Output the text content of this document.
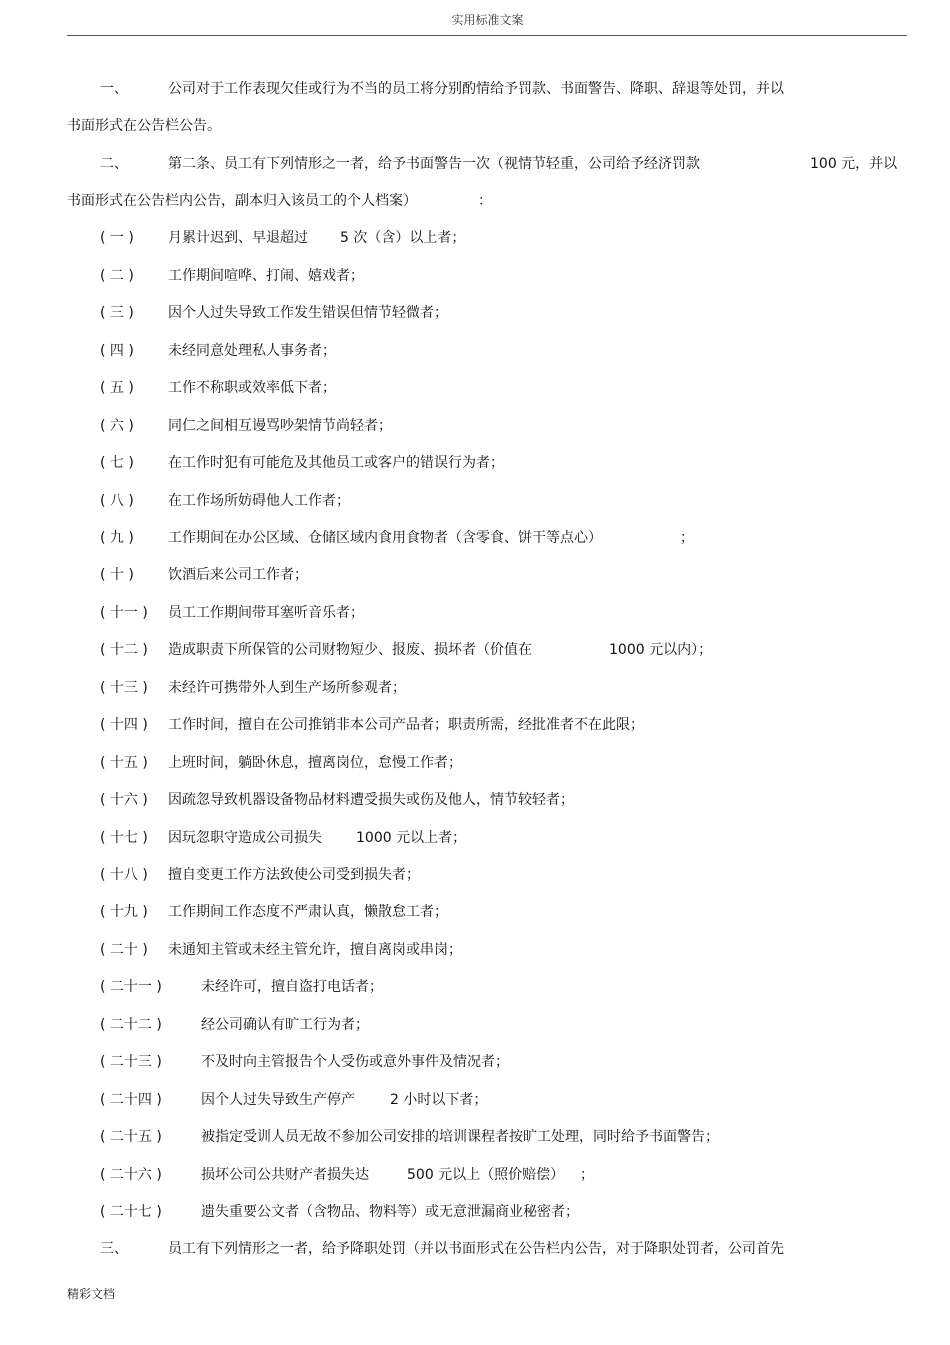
实用标准文案
一、	公司对于工作表现欠佳或行为不当的员工将分别酌情给予罚款、书面警告、降职、辞退等处罚，并以
书面形式在公告栏公告。
二、	第二条、员工有下列情形之一者，给予书面警告一次（视情节轻重，公司给予经济罚款	100 元，并以
书面形式在公告栏内公告，副本归入该员工的个人档案）	：
( 一 ) 月累计迟到、早退超过 5 次（含）以上者；
( 二 ) 工作期间喧哗、打闹、嬉戏者；
( 三 ) 因个人过失导致工作发生错误但情节轻微者；
( 四 ) 未经同意处理私人事务者；
( 五 ) 工作不称职或效率低下者；
( 六 ) 同仁之间相互谩骂吵架情节尚轻者；
( 七 ) 在工作时犯有可能危及其他员工或客户的错误行为者；
( 八 ) 在工作场所妨碍他人工作者；
( 九 ) 工作期间在办公区域、仓储区域内食用食物者（含零食、饼干等点心）	；
( 十 ) 饮酒后来公司工作者；
( 十一 ) 员工工作期间带耳塞听音乐者；
( 十二 ) 造成职责下所保管的公司财物短少、报废、损坏者（价值在	1000 元以内）；
( 十三 ) 未经许可携带外人到生产场所参观者；
( 十四 ) 工作时间，擅自在公司推销非本公司产品者；职责所需，经批准者不在此限；
( 十五 ) 上班时间，躺卧休息，擅离岗位，怠慢工作者；
( 十六 ) 因疏忽导致机器设备物品材料遭受损失或伤及他人，情节较轻者；
( 十七 ) 因玩忽职守造成公司损失 1000 元以上者；
( 十八 ) 擅自变更工作方法致使公司受到损失者；
( 十九 ) 工作期间工作态度不严肃认真，懒散怠工者；
( 二十 ) 未通知主管或未经主管允许，擅自离岗或串岗；
( 二十一 )	未经许可，擅自盗打电话者；
( 二十二 )	经公司确认有旷工行为者；
( 二十三 )	不及时向主管报告个人受伤或意外事件及情况者；
( 二十四 )	因个人过失导致生产停产	2 小时以下者；
( 二十五 )	被指定受训人员无故不参加公司安排的培训课程者按旷工处理，同时给予书面警告；
( 二十六 )	损坏公司公共财产者损失达	500 元以上（照价赔偿） ；
( 二十七 )	遗失重要公文者（含物品、物料等）或无意泄漏商业秘密者；
三、	员工有下列情形之一者，给予降职处罚（并以书面形式在公告栏内公告，对于降职处罚者，公司首先
精彩文档
